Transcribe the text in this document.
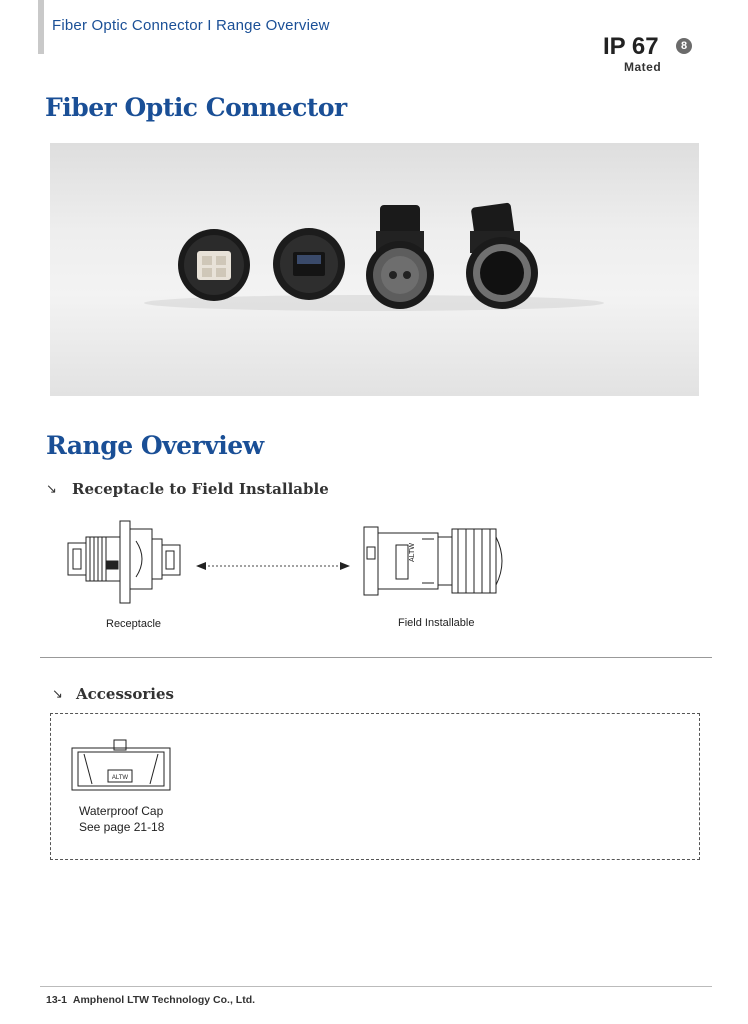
Fiber Optic Connector I Range Overview
IP 67	8
Mated
Fiber Optic Connector
Range Overview
↘ Receptacle to Field Installable
ALTW
Receptacle	Field Installable
↘ Accessories
ALTW
Waterproof Cap
See page 21-18
13-1 Amphenol LTW Technology Co., Ltd.
